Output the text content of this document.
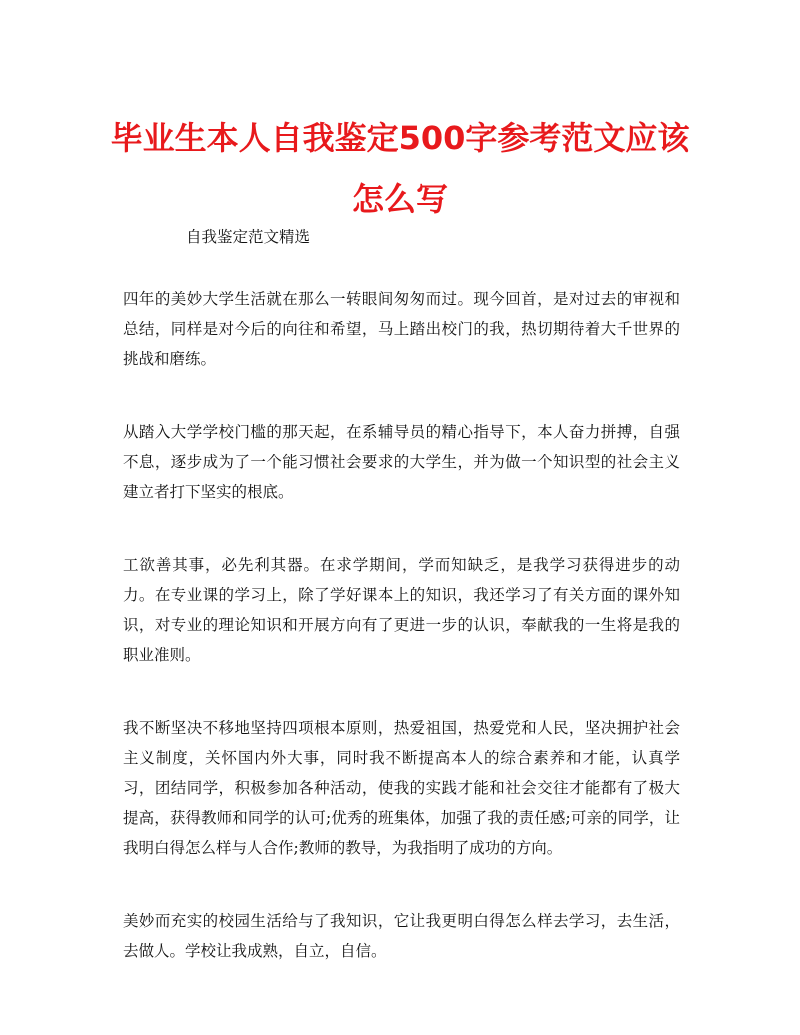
毕业生本人自我鉴定500字参考范文应该怎么写

自我鉴定范文精选

四年的美妙大学生活就在那么一转眼间匆匆而过。现今回首，是对过去的审视和总结，同样是对今后的向往和希望，马上踏出校门的我，热切期待着大千世界的挑战和磨练。

从踏入大学学校门槛的那天起，在系辅导员的精心指导下，本人奋力拼搏，自强不息，逐步成为了一个能习惯社会要求的大学生，并为做一个知识型的社会主义建立者打下坚实的根底。

工欲善其事，必先利其器。在求学期间，学而知缺乏，是我学习获得进步的动力。在专业课的学习上，除了学好课本上的知识，我还学习了有关方面的课外知识，对专业的理论知识和开展方向有了更进一步的认识，奉献我的一生将是我的职业准则。

我不断坚决不移地坚持四项根本原则，热爱祖国，热爱党和人民，坚决拥护社会主义制度，关怀国内外大事，同时我不断提高本人的综合素养和才能，认真学习，团结同学，积极参加各种活动，使我的实践才能和社会交往才能都有了极大提高，获得教师和同学的认可;优秀的班集体，加强了我的责任感;可亲的同学，让我明白得怎么样与人合作;教师的教导，为我指明了成功的方向。

美妙而充实的校园生活给与了我知识，它让我更明白得怎么样去学习，去生活，去做人。学校让我成熟，自立，自信。
